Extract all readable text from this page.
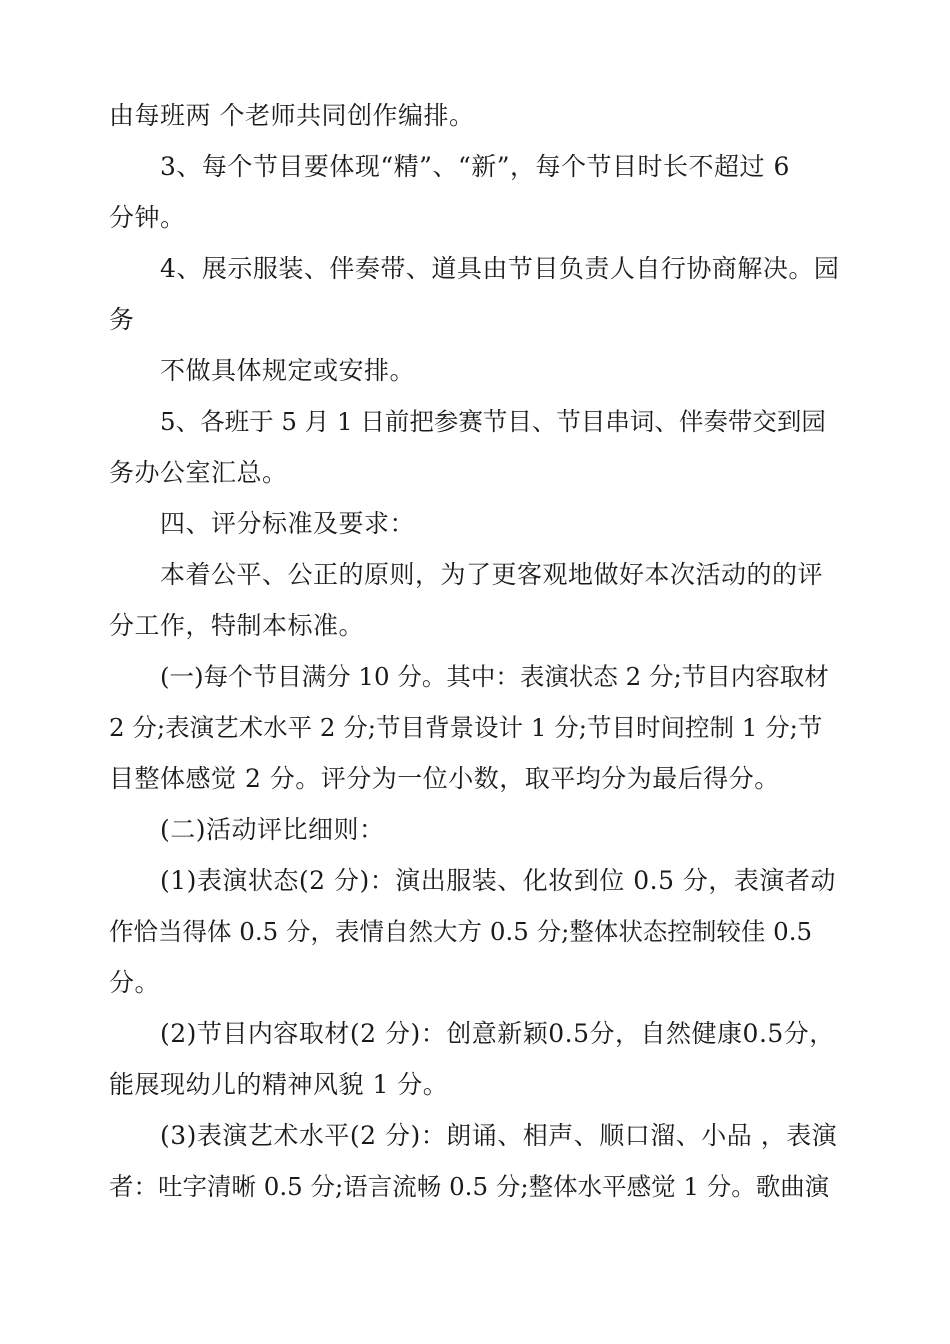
由每班两 个老师共同创作编排。
3、每个节目要体现“精”、“新”，每个节目时长不超过 6
分钟。
4、展示服装、伴奏带、道具由节目负责人自行协商解决。园
务
不做具体规定或安排。
5、各班于 5 月 1 日前把参赛节目、节目串词、伴奏带交到园
务办公室汇总。
四、评分标准及要求：
本着公平、公正的原则，为了更客观地做好本次活动的的评
分工作，特制本标准。
(一)每个节目满分 10 分。其中：表演状态 2 分;节目内容取材
2 分;表演艺术水平 2 分;节目背景设计 1 分;节目时间控制 1 分;节
目整体感觉 2 分。评分为一位小数，取平均分为最后得分。
(二)活动评比细则：
(1)表演状态(2 分)：演出服装、化妆到位 0.5 分，表演者动
作恰当得体 0.5 分，表情自然大方 0.5 分;整体状态控制较佳 0.5
分。
(2)节目内容取材(2 分)：创意新颖0.5分，自然健康0.5分，
能展现幼儿的精神风貌 1 分。
(3)表演艺术水平(2 分)：朗诵、相声、顺口溜、小品 ，表演
者：吐字清晰 0.5 分;语言流畅 0.5 分;整体水平感觉 1 分。歌曲演
